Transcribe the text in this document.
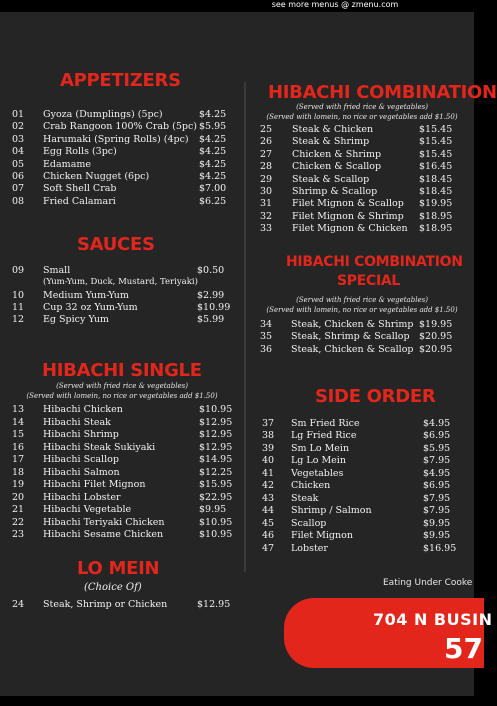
see more menus @ zmenu.com
APPETIZERS
01 Gyoza (Dumplings) (5pc)	$4.25
02 Crab Rangoon 100% Crab (5pc) $5.95
03 Harumaki (Spring Rolls) (4pc) $4.25
04 Egg Rolls (3pc)	$4.25
05 Edamame	$4.25
06 Chicken Nugget (6pc)	$4.25
07 Soft Shell Crab	$7.00
08 Fried Calamari	$6.25
SAUCES
09 Small	$0.50
(Yum-Yum, Duck, Mustard, Teriyaki)
10 Medium Yum-Yum	$2.99
11 Cup 32 oz Yum-Yum	$10.99
12 Eg Spicy Yum	$5.99
HIBACHI SINGLE
(Served with fried rice & vegetables)
(Served with lomein, no rice or vegetables add $1.50)
13 Hibachi Chicken	$10.95
14 Hibachi Steak	$12.95
15 Hibachi Shrimp	$12.95
16 Hibachi Steak Sukiyaki	$12.95
17 Hibachi Scallop	$14.95
18 Hibachi Salmon	$12.25
19 Hibachi Filet Mignon	$15.95
20 Hibachi Lobster	$22.95
21 Hibachi Vegetable	$9.95
22 Hibachi Teriyaki Chicken	$10.95
23 Hibachi Sesame Chicken	$10.95
LO MEIN
(Choice Of)
24 Steak, Shrimp or Chicken	$12.95
HIBACHI COMBINATION
(Served with fried rice & vegetables)
(Served with lomein, no rice or vegetables add $1.50)
25 Steak & Chicken	$15.45
26 Steak & Shrimp	$15.45
27 Chicken & Shrimp	$15.45
28 Chicken & Scallop	$16.45
29 Steak & Scallop	$18.45
30 Shrimp & Scallop	$18.45
31 Filet Mignon & Scallop $19.95
32 Filet Mignon & Shrimp $18.95
33 Filet Mignon & Chicken $18.95
HIBACHI COMBINATION
SPECIAL
(Served with fried rice & vegetables)
(Served with lomein, no rice or vegetables add $1.50)
34 Steak, Chicken & Shrimp $19.95
35 Steak, Shrimp & Scallop $20.95
36 Steak, Chicken & Scallop $20.95
SIDE ORDER
37 Sm Fried Rice	$4.95
38 Lg Fried Rice	$6.95
39 Sm Lo Mein	$5.95
40 Lg Lo Mein	$7.95
41 Vegetables	$4.95
42 Chicken	$6.95
43 Steak	$7.95
44 Shrimp / Salmon	$7.95
45 Scallop	$9.95
46 Filet Mignon	$9.95
47 Lobster	$16.95
Eating Under Cooke
704 N BUSIN
57
